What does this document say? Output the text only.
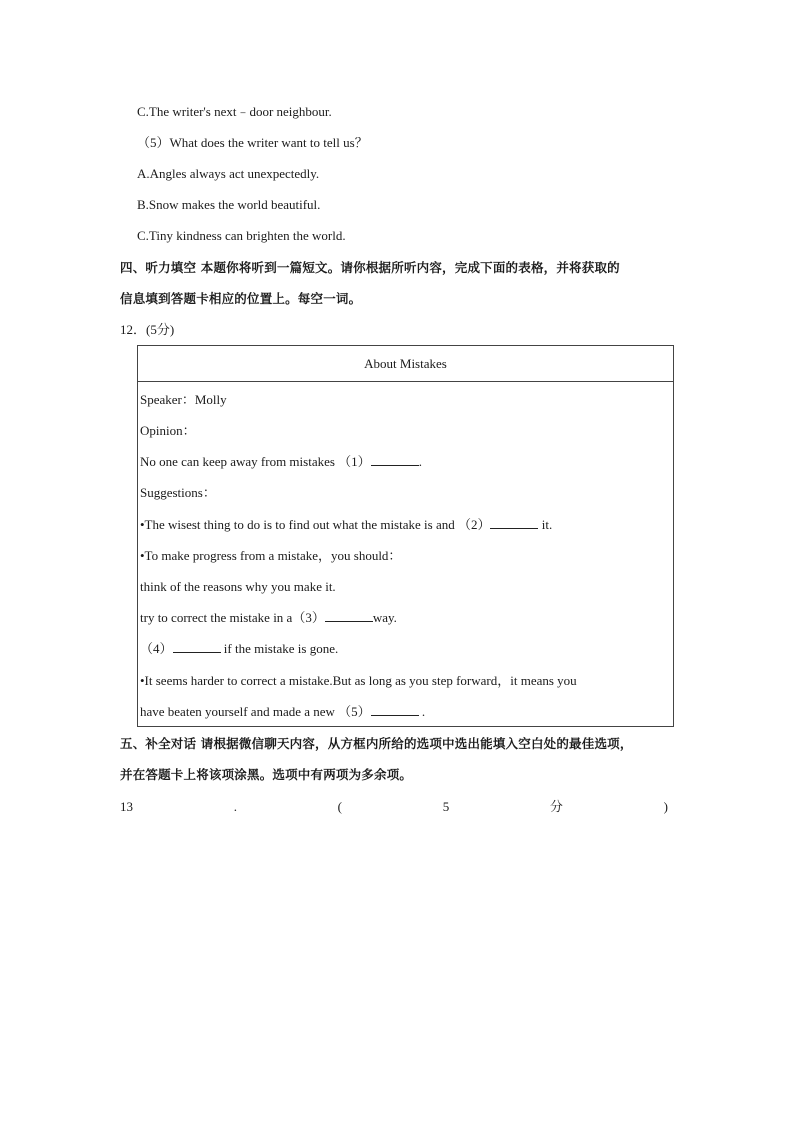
C.The writer's next﹣door neighbour.
（5）What does the writer want to tell us？
A.Angles always act unexpectedly.
B.Snow makes the world beautiful.
C.Tiny kindness can brighten the world.
四、听力填空 本题你将听到一篇短文。请你根据所听内容，完成下面的表格，并将获取的
信息填到答题卡相应的位置上。每空一词。
12．(5分)
About Mistakes
Speaker：Molly
Opinion：
No one can keep away from mistakes （1）	.
Suggestions：
•The wisest thing to do is to find out what the mistake is and （2）	it.
•To make progress from a mistake，you should：
think of the reasons why you make it.
try to correct the mistake in a（3）	way.
（4）	if the mistake is gone.
•It seems harder to correct a mistake.But as long as you step forward，it means you
have beaten yourself and made a new （5）	.
五、补全对话 请根据微信聊天内容，从方框内所给的选项中选出能填入空白处的最佳选项，
并在答题卡上将该项涂黑。选项中有两项为多余项。
13	.	(	5	分	)
